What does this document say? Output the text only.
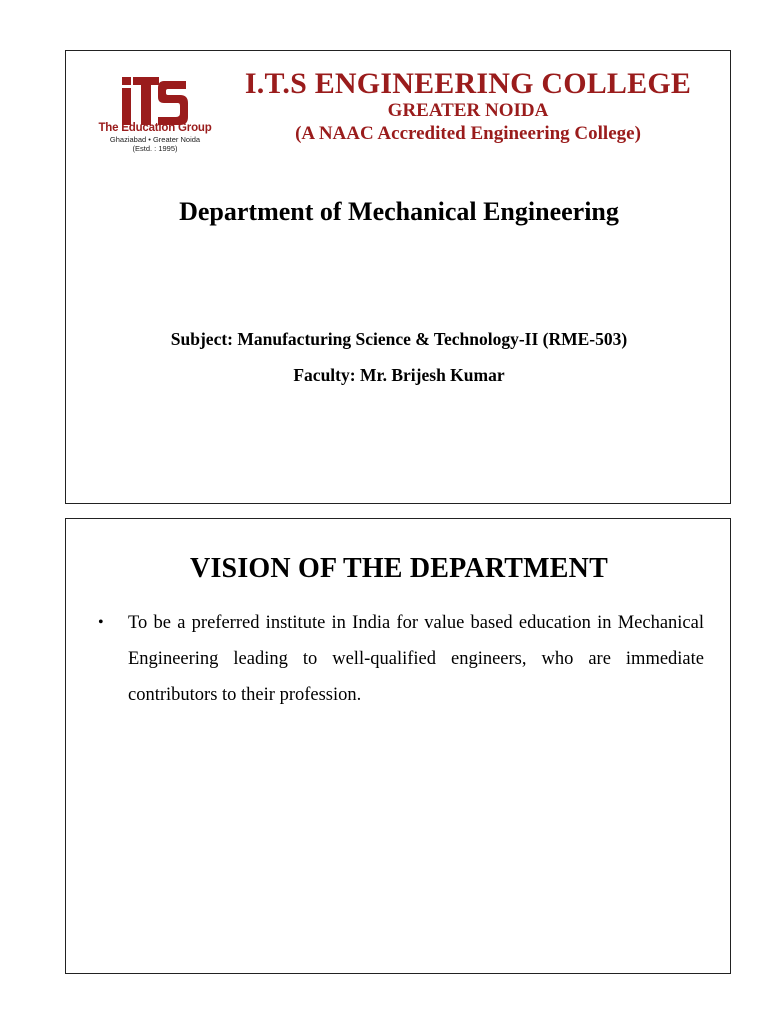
The Education Group
Ghaziabad • Greater Noida
(Estd. : 1995)
I.T.S ENGINEERING COLLEGE
GREATER NOIDA
(A NAAC Accredited Engineering College)
Department of Mechanical Engineering
Subject: Manufacturing Science & Technology-II (RME-503)
Faculty: Mr. Brijesh Kumar
VISION OF THE DEPARTMENT
• To be a preferred institute in India for value based education in Mechanical Engineering leading to well-qualified engineers, who are immediate contributors to their profession.
